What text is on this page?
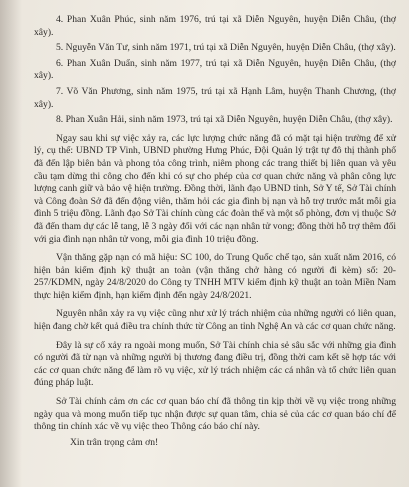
4. Phan Xuân Phúc, sinh năm 1976, trú tại xã Diễn Nguyên, huyện Diễn Châu, (thợ xây).

5. Nguyễn Văn Tư, sinh năm 1971, trú tại xã Diễn Nguyên, huyện Diễn Châu, (thợ xây).

6. Phan Xuân Duẩn, sinh năm 1977, trú tại xã Diễn Nguyên, huyện Diễn Châu, (thợ xây).

7. Võ Văn Phương, sinh năm 1975, trú tại xã Hạnh Lâm, huyện Thanh Chương, (thợ xây).

8. Phan Xuân Hải, sinh năm 1973, trú tại xã Diễn Nguyên, huyện Diễn Châu, (thợ xây).

Ngay sau khi sự việc xảy ra, các lực lượng chức năng đã có mặt tại hiện trường để xử lý, cụ thể: UBND TP Vinh, UBND phường Hưng Phúc, Đội Quản lý trật tự đô thị thành phố đã đến lập biên bản và phong tỏa công trình, niêm phong các trang thiết bị liên quan và yêu cầu tạm dừng thi công cho đến khi có sự cho phép của cơ quan chức năng và phân công lực lượng canh giữ và bảo vệ hiện trường. Đồng thời, lãnh đạo UBND tỉnh, Sở Y tế, Sở Tài chính và Công đoàn Sở đã đến động viên, thăm hỏi các gia đình bị nạn và hỗ trợ trước mắt mỗi gia đình 5 triệu đồng. Lãnh đạo Sở Tài chính cùng các đoàn thể và một số phòng, đơn vị thuộc Sở đã đến tham dự các lễ tang, lễ 3 ngày đối với các nạn nhân tử vong; đồng thời hỗ trợ thêm đối với gia đình nạn nhân tử vong, mỗi gia đình 10 triệu đồng.

Vận thăng gặp nạn có mã hiệu: SC 100, do Trung Quốc chế tạo, sản xuất năm 2016, có hiện bản kiểm định kỹ thuật an toàn (vận thăng chở hàng có người đi kèm) số: 20-257/KDMN, ngày 24/8/2020 do Công ty TNHH MTV kiểm định kỹ thuật an toàn Miền Nam thực hiện kiểm định, hạn kiểm định đến ngày 24/8/2021.

Nguyên nhân xảy ra vụ việc cũng như xử lý trách nhiệm của những người có liên quan, hiện đang chờ kết quả điều tra chính thức từ Công an tỉnh Nghệ An và các cơ quan chức năng.

Đây là sự cố xảy ra ngoài mong muốn, Sở Tài chính chia sẻ sâu sắc với những gia đình có người đã từ nạn và những người bị thương đang điều trị, đồng thời cam kết sẽ hợp tác với các cơ quan chức năng để làm rõ vụ việc, xử lý trách nhiệm các cá nhân và tổ chức liên quan đúng pháp luật.

Sở Tài chính cảm ơn các cơ quan báo chí đã thông tin kịp thời về vụ việc trong những ngày qua và mong muốn tiếp tục nhận được sự quan tâm, chia sẻ của các cơ quan báo chí để thông tin chính xác về vụ việc theo Thông cáo báo chí này.

Xin trân trọng cảm ơn!
